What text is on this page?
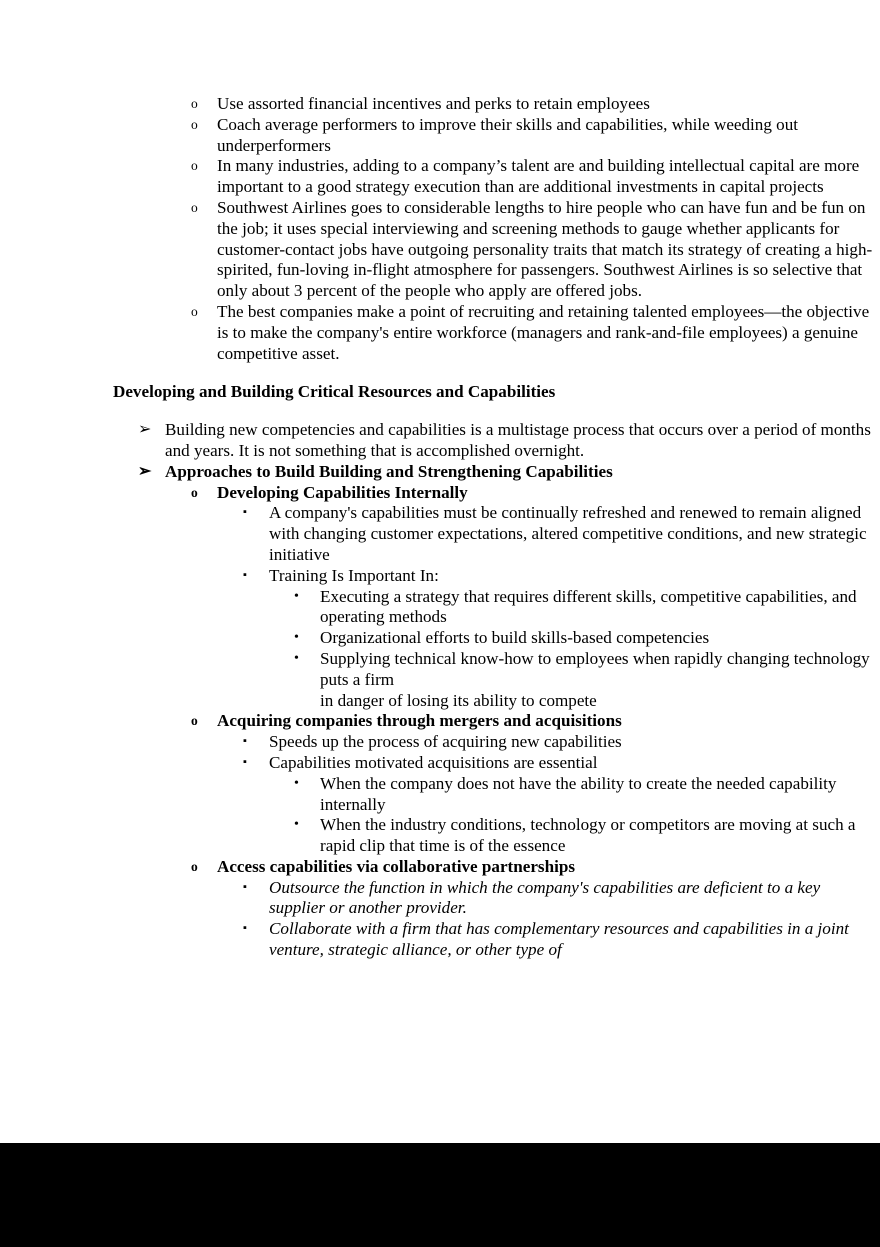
o Use assorted financial incentives and perks to retain employees
o Coach average performers to improve their skills and capabilities, while weeding out underperformers
o In many industries, adding to a company’s talent are and building intellectual capital are more important to a good strategy execution than are additional investments in capital projects
o Southwest Airlines goes to considerable lengths to hire people who can have fun and be fun on the job; it uses special interviewing and screening methods to gauge whether applicants for customer-contact jobs have outgoing personality traits that match its strategy of creating a high-spirited, fun-loving in-flight atmosphere for passengers. Southwest Airlines is so selective that only about 3 percent of the people who apply are offered jobs.
o The best companies make a point of recruiting and retaining talented employees—the objective is to make the company's entire workforce (managers and rank-and-file employees) a genuine competitive asset.
Developing and Building Critical Resources and Capabilities
➢ Building new competencies and capabilities is a multistage process that occurs over a period of months and years. It is not something that is accomplished overnight.
➢ Approaches to Build Building and Strengthening Capabilities
o Developing Capabilities Internally
▪ A company's capabilities must be continually refreshed and renewed to remain aligned with changing customer expectations, altered competitive conditions, and new strategic initiative
▪ Training Is Important In:
• Executing a strategy that requires different skills, competitive capabilities, and operating methods
• Organizational efforts to build skills-based competencies
• Supplying technical know-how to employees when rapidly changing technology puts a firm
in danger of losing its ability to compete
o Acquiring companies through mergers and acquisitions
▪ Speeds up the process of acquiring new capabilities
▪ Capabilities motivated acquisitions are essential
• When the company does not have the ability to create the needed capability internally
• When the industry conditions, technology or competitors are moving at such a rapid clip that time is of the essence
o Access capabilities via collaborative partnerships
▪ Outsource the function in which the company's capabilities are deficient to a key supplier or another provider.
▪ Collaborate with a firm that has complementary resources and capabilities in a joint venture, strategic alliance, or other type of
